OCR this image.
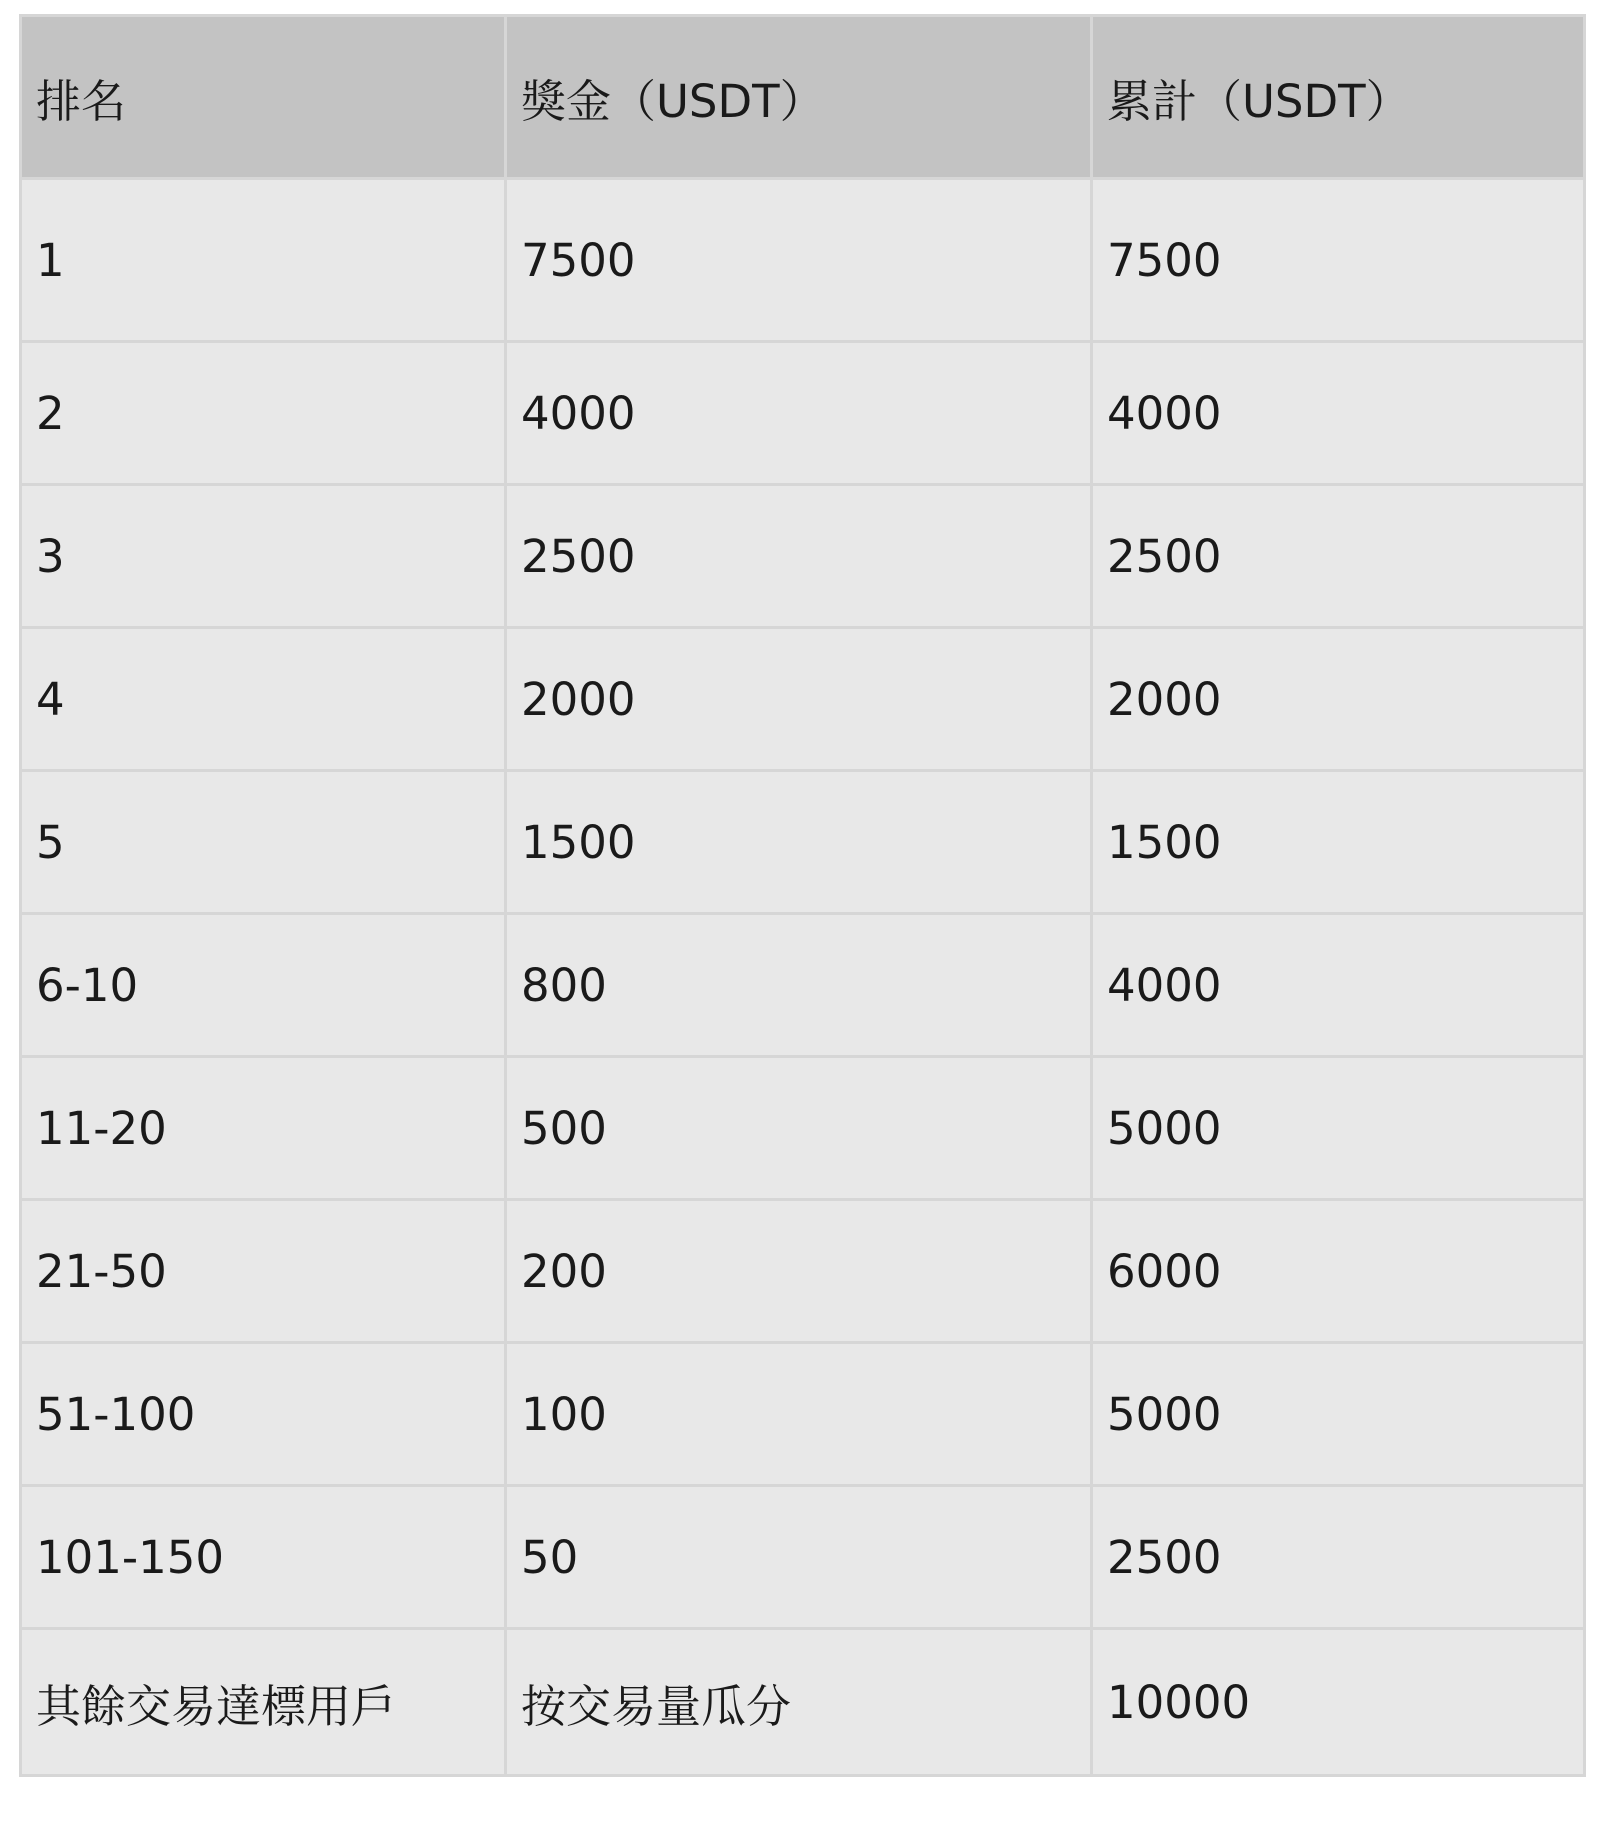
排名	獎金（USDT）	累計（USDT）
1	7500	7500
2	4000	4000
3	2500	2500
4	2000	2000
5	1500	1500
6-10	800	4000
11-20	500	5000
21-50	200	6000
51-100	100	5000
101-150	50	2500
其餘交易達標用戶	按交易量瓜分	10000
